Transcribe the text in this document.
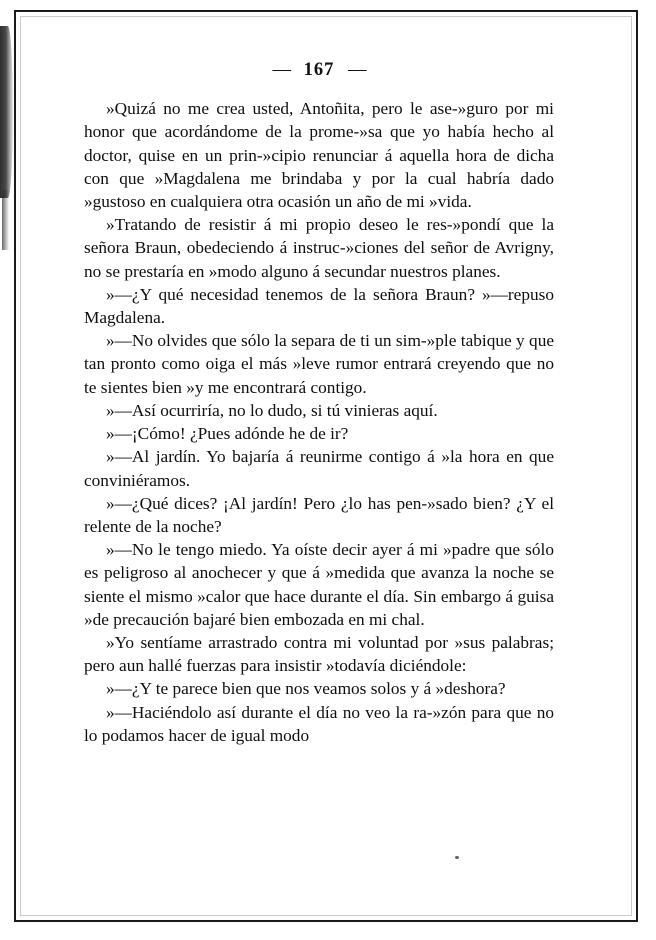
— 167 —

»Quizá no me crea usted, Antoñita, pero le ase-»guro por mi honor que acordándome de la prome-»sa que yo había hecho al doctor, quise en un prin-»cipio renunciar á aquella hora de dicha con que »Magdalena me brindaba y por la cual habría dado »gustoso en cualquiera otra ocasión un año de mi »vida.

»Tratando de resistir á mi propio deseo le res-»pondí que la señora Braun, obedeciendo á instruc-»ciones del señor de Avrigny, no se prestaría en »modo alguno á secundar nuestros planes.

»—¿Y qué necesidad tenemos de la señora Braun? »—repuso Magdalena.

»—No olvides que sólo la separa de ti un sim-»ple tabique y que tan pronto como oiga el más »leve rumor entrará creyendo que no te sientes bien »y me encontrará contigo.

»—Así ocurriría, no lo dudo, si tú vinieras aquí.

»—¡Cómo! ¿Pues adónde he de ir?

»—Al jardín. Yo bajaría á reunirme contigo á »la hora en que conviniéramos.

»—¿Qué dices? ¡Al jardín! Pero ¿lo has pen-»sado bien? ¿Y el relente de la noche?

»—No le tengo miedo. Ya oíste decir ayer á mi »padre que sólo es peligroso al anochecer y que á »medida que avanza la noche se siente el mismo »calor que hace durante el día. Sin embargo á guisa »de precaución bajaré bien embozada en mi chal.

»Yo sentíame arrastrado contra mi voluntad por »sus palabras; pero aun hallé fuerzas para insistir »todavía diciéndole:

»—¿Y te parece bien que nos veamos solos y á »deshora?

»—Haciéndolo así durante el día no veo la ra-»zón para que no lo podamos hacer de igual modo
